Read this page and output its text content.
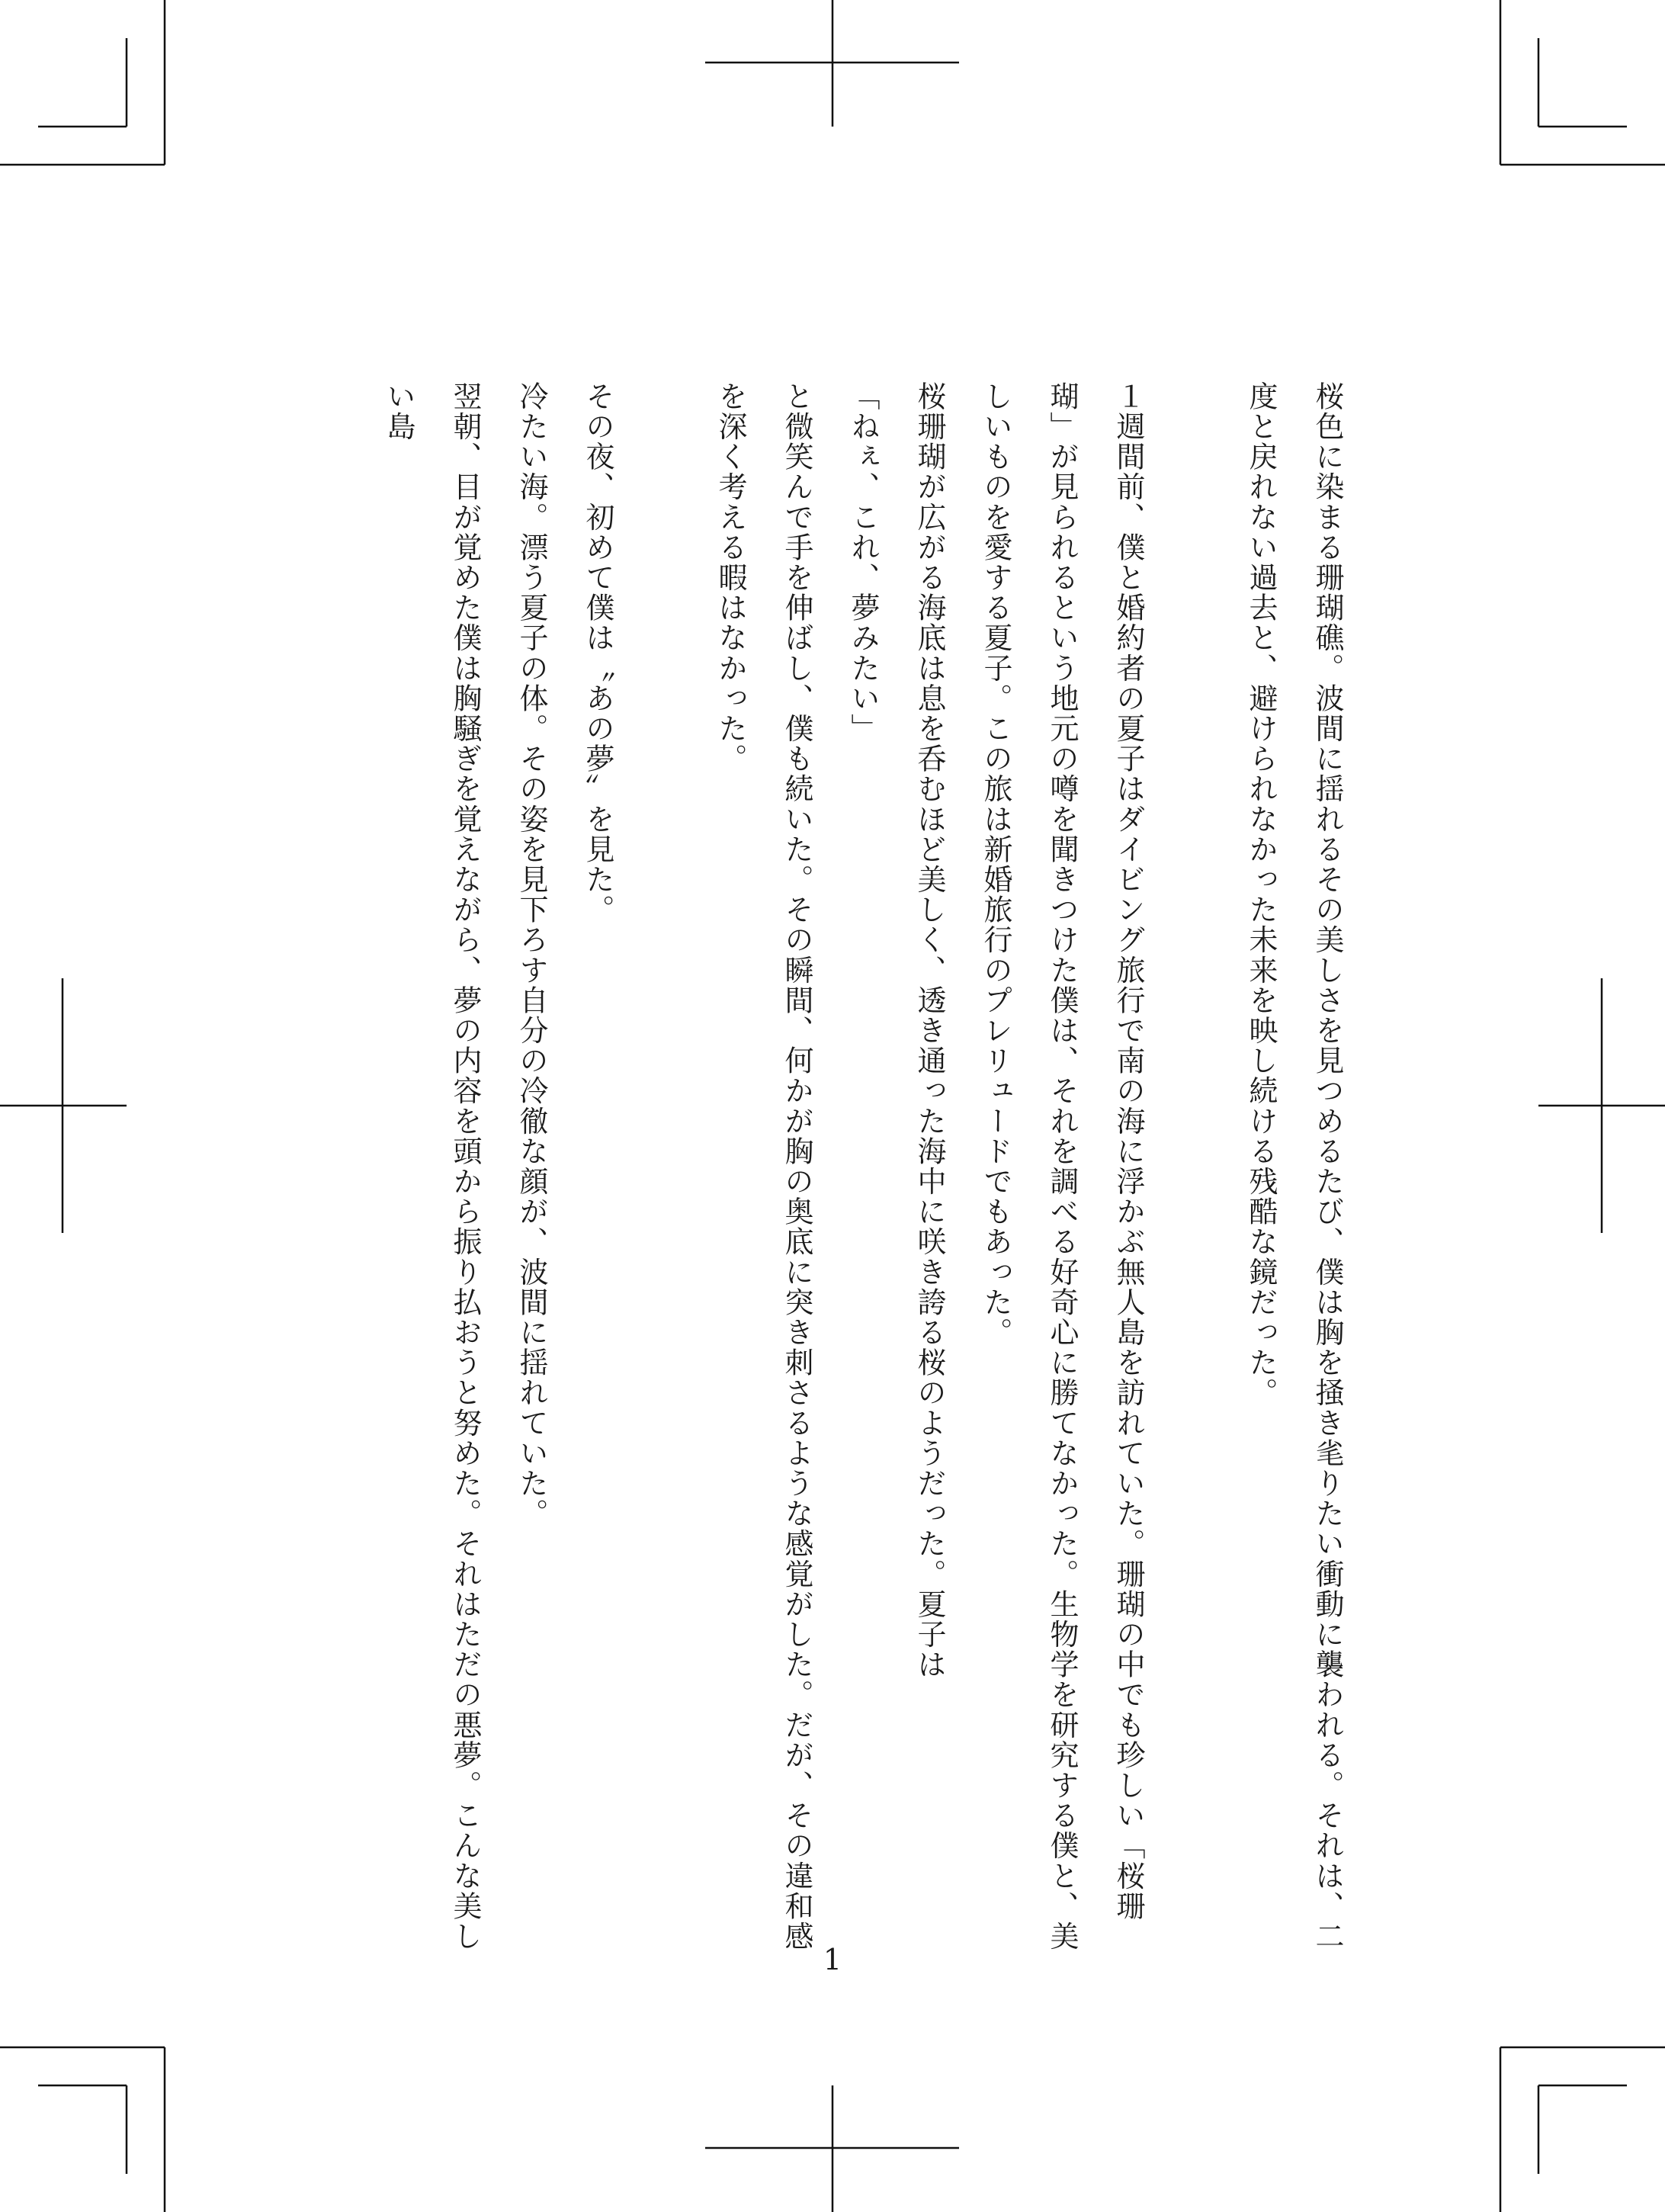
桜色に染まる珊瑚礁。波間に揺れるその美しさを見つめるたび、僕は胸を掻き毟りたい衝動に襲われる。それは、二度と戻れない過去と、避けられなかった未来を映し続ける残酷な鏡だった。

１週間前、僕と婚約者の夏子はダイビング旅行で南の海に浮かぶ無人島を訪れていた。珊瑚の中でも珍しい「桜珊瑚」が見られるという地元の噂を聞きつけた僕は、それを調べる好奇心に勝てなかった。生物学を研究する僕と、美しいものを愛する夏子。この旅は新婚旅行のプレリュードでもあった。

桜珊瑚が広がる海底は息を呑むほど美しく、透き通った海中に咲き誇る桜のようだった。夏子は

「ねぇ、これ、夢みたい」

と微笑んで手を伸ばし、僕も続いた。その瞬間、何かが胸の奥底に突き刺さるような感覚がした。だが、その違和感を深く考える暇はなかった。

その夜、初めて僕は〝あの夢〟を見た。

冷たい海。漂う夏子の体。その姿を見下ろす自分の冷徹な顔が、波間に揺れていた。

翌朝、目が覚めた僕は胸騒ぎを覚えながら、夢の内容を頭から振り払おうと努めた。それはただの悪夢。こんな美しい島

1
